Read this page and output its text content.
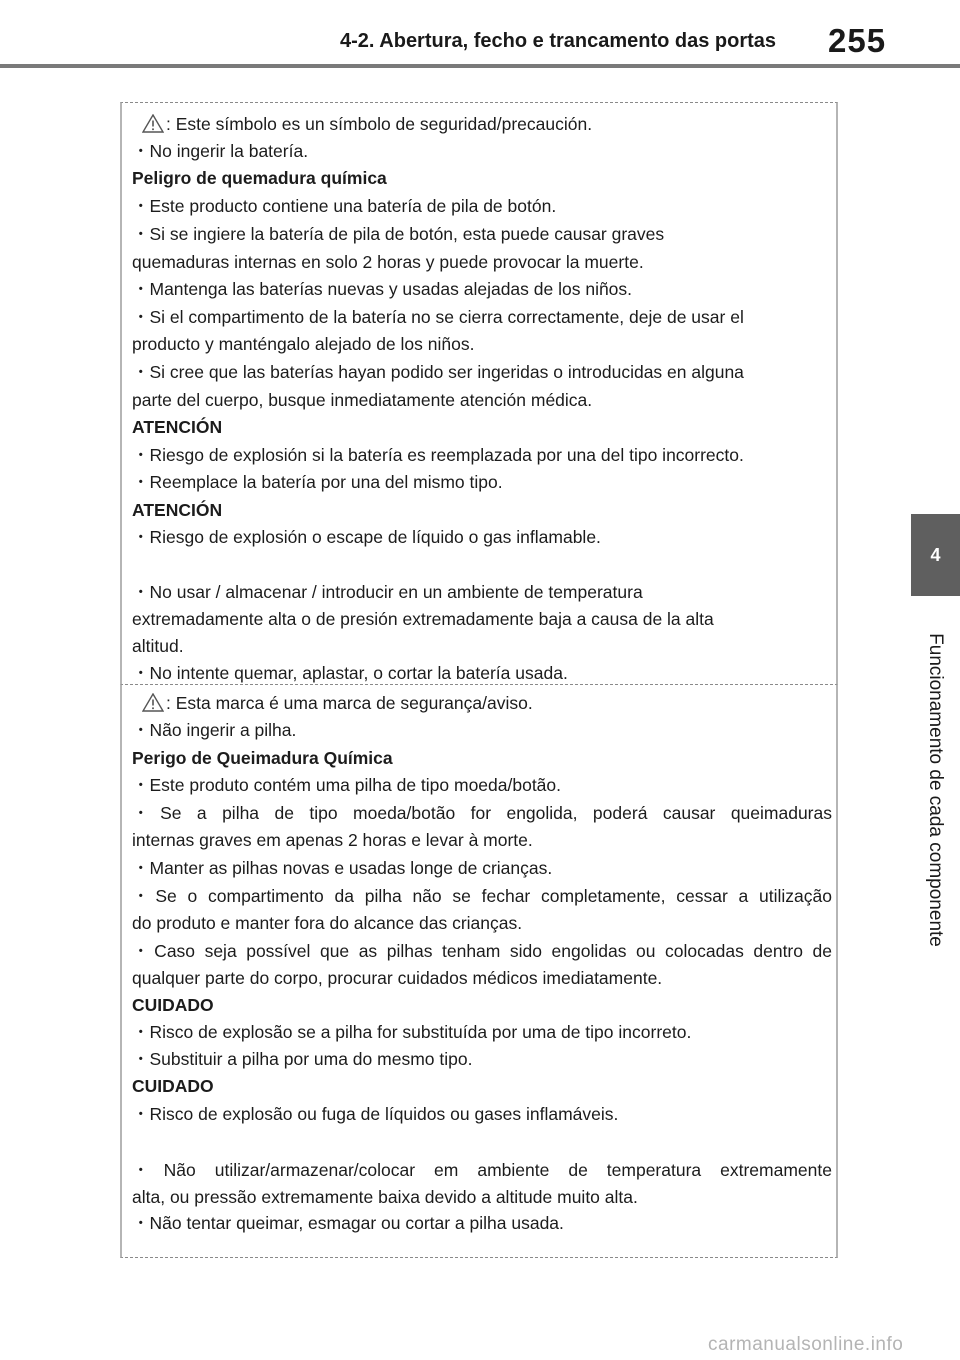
4-2. Abertura, fecho e trancamento das portas 255
4
Funcionamento de cada componente
: Este símbolo es un símbolo de seguridad/precaución.
・No ingerir la batería.
Peligro de quemadura química
・Este producto contiene una batería de pila de botón.
・Si se ingiere la batería de pila de botón, esta puede causar graves
quemaduras internas en solo 2 horas y puede provocar la muerte.
・Mantenga las baterías nuevas y usadas alejadas de los niños.
・Si el compartimento de la batería no se cierra correctamente, deje de usar el
producto y manténgalo alejado de los niños.
・Si cree que las baterías hayan podido ser ingeridas o introducidas en alguna
parte del cuerpo, busque inmediatamente atención médica.
ATENCIÓN
・Riesgo de explosión si la batería es reemplazada por una del tipo incorrecto.
・Reemplace la batería por una del mismo tipo.
ATENCIÓN
・Riesgo de explosión o escape de líquido o gas inflamable.
・No usar / almacenar / introducir en un ambiente de temperatura
extremadamente alta o de presión extremadamente baja a causa de la alta
altitud.
・No intente quemar, aplastar, o cortar la batería usada.
: Esta marca é uma marca de segurança/aviso.
・Não ingerir a pilha.
Perigo de Queimadura Química
・Este produto contém uma pilha de tipo moeda/botão.
・Se a pilha de tipo moeda/botão for engolida, poderá causar queimaduras
internas graves em apenas 2 horas e levar à morte.
・Manter as pilhas novas e usadas longe de crianças.
・Se o compartimento da pilha não se fechar completamente, cessar a utilização
do produto e manter fora do alcance das crianças.
・Caso seja possível que as pilhas tenham sido engolidas ou colocadas dentro de
qualquer parte do corpo, procurar cuidados médicos imediatamente.
CUIDADO
・Risco de explosão se a pilha for substituída por uma de tipo incorreto.
・Substituir a pilha por uma do mesmo tipo.
CUIDADO
・Risco de explosão ou fuga de líquidos ou gases inflamáveis.
・Não utilizar/armazenar/colocar em ambiente de temperatura extremamente
alta, ou pressão extremamente baixa devido a altitude muito alta.
・Não tentar queimar, esmagar ou cortar a pilha usada.
carmanualsonline.info
